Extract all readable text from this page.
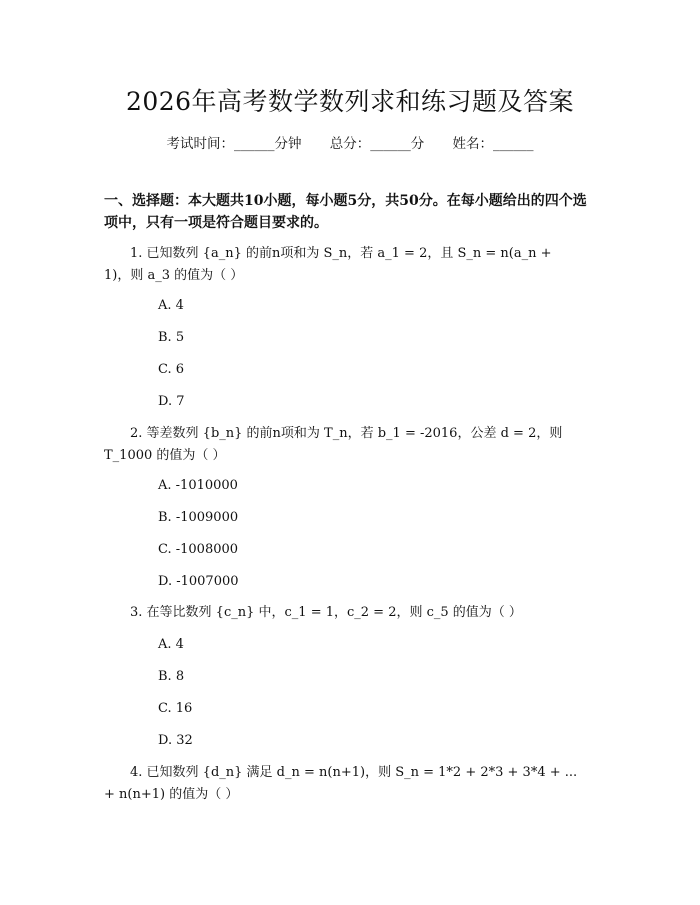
2026年高考数学数列求和练习题及答案
考试时间：______分钟 总分：______分 姓名：______
一、选择题：本大题共10小题，每小题5分，共50分。在每小题给出的四个选项中，只有一项是符合题目要求的。
1. 已知数列 {a_n} 的前n项和为 S_n，若 a_1 = 2，且 S_n = n(a_n +
1)，则 a_3 的值为（ ）
A. 4
B. 5
C. 6
D. 7
2. 等差数列 {b_n} 的前n项和为 T_n，若 b_1 = -2016，公差 d = 2，则
T_1000 的值为（ ）
A. -1010000
B. -1009000
C. -1008000
D. -1007000
3. 在等比数列 {c_n} 中，c_1 = 1，c_2 = 2，则 c_5 的值为（ ）
A. 4
B. 8
C. 16
D. 32
4. 已知数列 {d_n} 满足 d_n = n(n+1)，则 S_n = 1*2 + 2*3 + 3*4 + ...
+ n(n+1) 的值为（ ）
